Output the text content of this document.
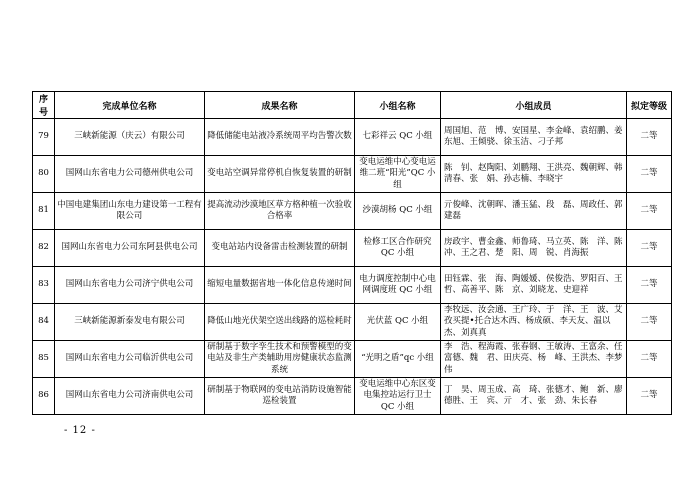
序号	完成单位名称	成果名称	小组名称	小组成员	拟定等级
79	三峡新能源（庆云）有限公司	降低储能电站液冷系统周平均告警次数	七彩祥云 QC 小组	周国旭、范　博、安国星、李金峰、袁绍鹏、姜东旭、王倾骁、徐玉洁、刁子邦	二等
80	国网山东省电力公司德州供电公司	变电站空调异常停机自恢复装置的研制	变电运维中心变电运维二班“阳光”QC 小组	陈　钊、赵陶阳、刘鹏翔、王洪亮、魏朝辉、韩清春、张　娟、孙志楠、李晓宇	二等
81	中国电建集团山东电力建设第一工程有限公司	提高流动沙漠地区草方格种植一次验收合格率	沙漠胡杨 QC 小组	亓俊峰、沈朝晖、潘玉猛、段　磊、周政任、郭建磊	二等
82	国网山东省电力公司东阿县供电公司	变电站站内设备雷击检测装置的研制	检修工区合作研究 QC 小组	房政宇、曹金鑫、师鲁琦、马立英、陈　洋、陈　冲、王之君、楚　阳、周　锐、肖海振	二等
83	国网山东省电力公司济宁供电公司	缩短电量数据省地一体化信息传递时间	电力调度控制中心电网调度班 QC 小组	田钰霖、张　海、陶媛媛、侯俊浩、罗阳百、王　哲、高善平、陈　京、刘晓龙、史迎祥	二等
84	三峡新能源新泰发电有限公司	降低山地光伏架空送出线路的巡检耗时	光伏蓝 QC 小组	李牧远、汝会通、王广玲、于　洋、王　波、艾孜买提•托合达木西、杨成硕、李天友、温以杰、刘真真	二等
85	国网山东省电力公司临沂供电公司	研制基于数字孪生技术和预警模型的变电站及非生产类辅助用房健康状态监测系统	“光明之盾”qc 小组	李　浩、程海霞、张春钢、王敏涛、王富余、任富德、魏　君、田庆亮、杨　峰、王洪杰、李梦伟	二等
86	国网山东省电力公司济南供电公司	研制基于物联网的变电站消防设施智能巡检装置	变电运维中心东区变电集控站运行卫士 QC 小组	丁　昊、周玉成、高　琦、张德才、鲍　新、廖德胜、王　宾、亓　才、张　劲、朱长春	二等
- 12 -
